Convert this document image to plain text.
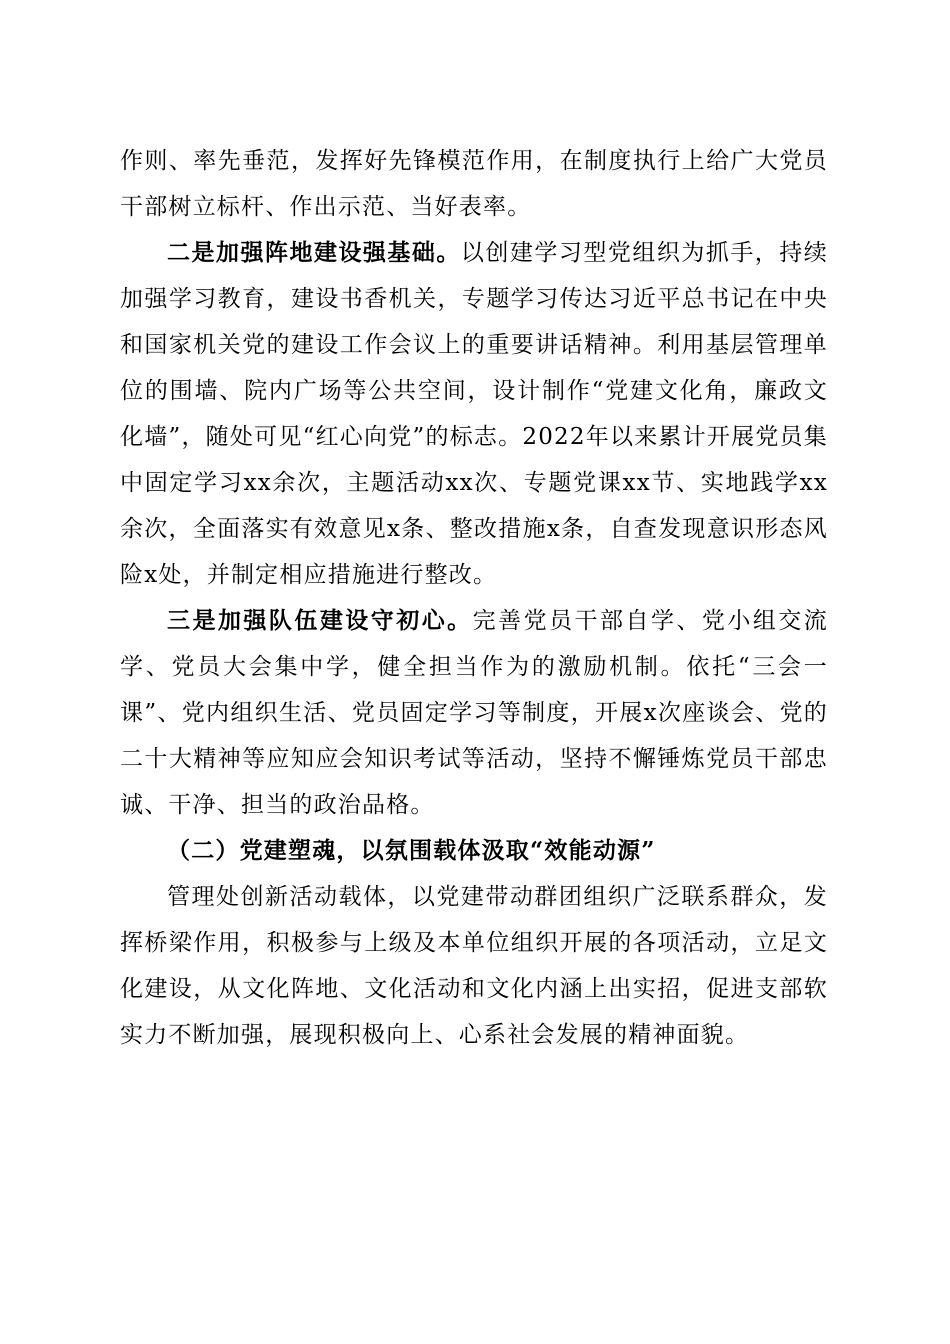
作则、率先垂范，发挥好先锋模范作用，在制度执行上给广大党员干部树立标杆、作出示范、当好表率。

二是加强阵地建设强基础。以创建学习型党组织为抓手，持续加强学习教育，建设书香机关，专题学习传达习近平总书记在中央和国家机关党的建设工作会议上的重要讲话精神。利用基层管理单位的围墙、院内广场等公共空间，设计制作“党建文化角，廉政文化墙”，随处可见“红心向党”的标志。2022年以来累计开展党员集中固定学习xx余次，主题活动xx次、专题党课xx节、实地践学xx余次，全面落实有效意见x条、整改措施x条，自查发现意识形态风险x处，并制定相应措施进行整改。

三是加强队伍建设守初心。完善党员干部自学、党小组交流学、党员大会集中学，健全担当作为的激励机制。依托“三会一课”、党内组织生活、党员固定学习等制度，开展x次座谈会、党的二十大精神等应知应会知识考试等活动，坚持不懈锤炼党员干部忠诚、干净、担当的政治品格。

（二）党建塑魂，以氛围载体汲取“效能动源”

管理处创新活动载体，以党建带动群团组织广泛联系群众，发挥桥梁作用，积极参与上级及本单位组织开展的各项活动，立足文化建设，从文化阵地、文化活动和文化内涵上出实招，促进支部软实力不断加强，展现积极向上、心系社会发展的精神面貌。
